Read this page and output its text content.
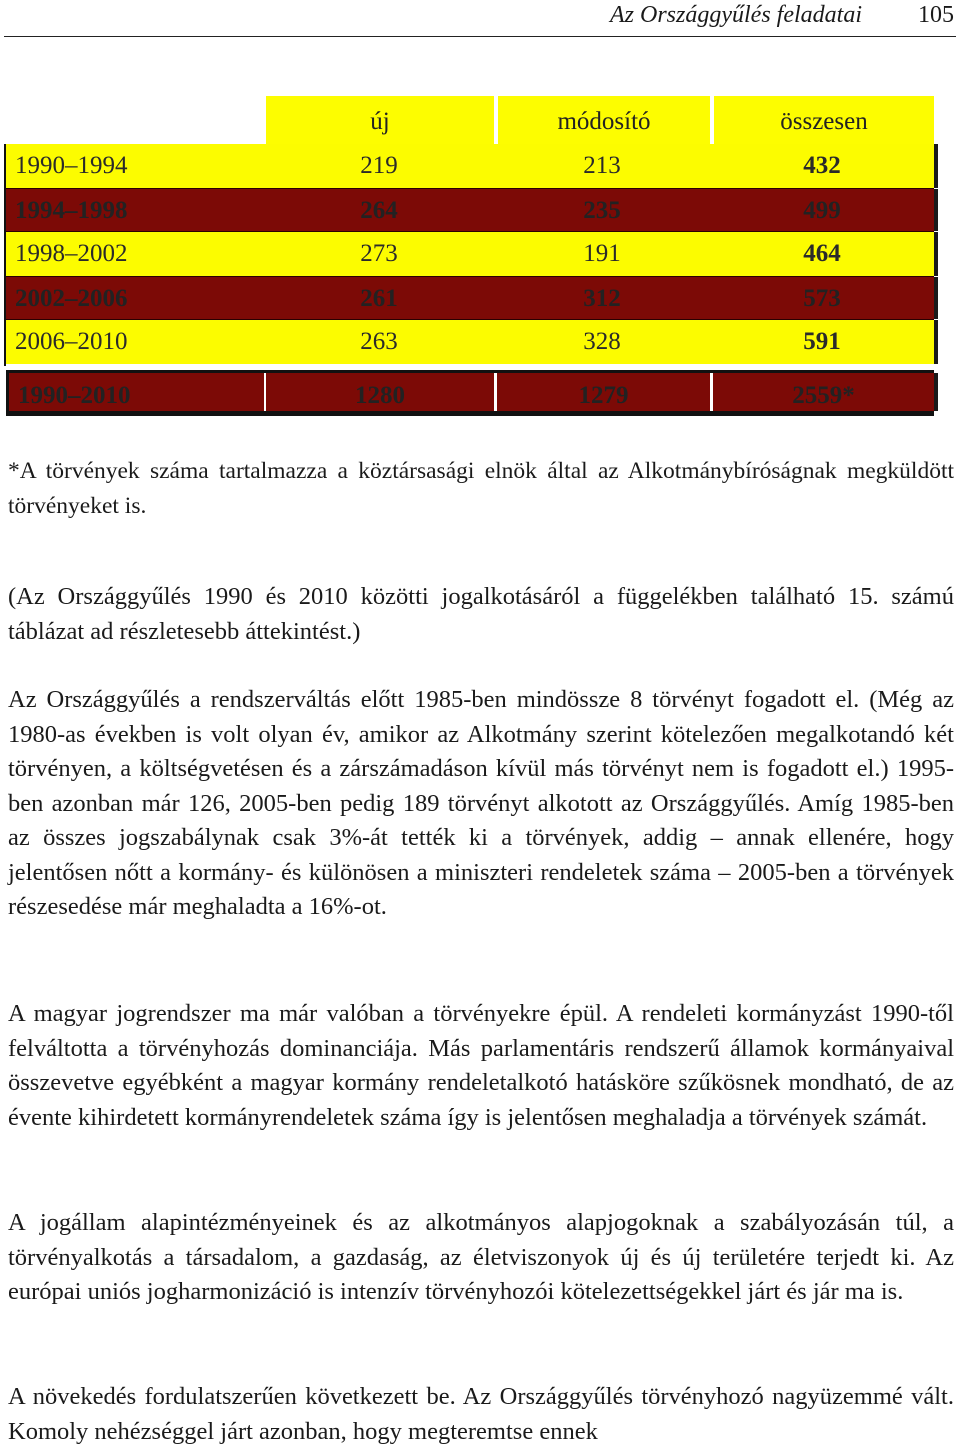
Az Országgyűlés feladatai 105
új	módosító	összesen
1990–1994	219	213	432
1994–1998	264	235	499
1998–2002	273	191	464
2002–2006	261	312	573
2006–2010	263	328	591
1990–2010	1280	1279	2559*

*A törvények száma tartalmazza a köztársasági elnök által az Alkotmánybíróságnak megküldött törvényeket is.

(Az Országgyűlés 1990 és 2010 közötti jogalkotásáról a függelékben található 15. számú táblázat ad részletesebb áttekintést.)

Az Országgyűlés a rendszerváltás előtt 1985-ben mindössze 8 törvényt fogadott el. (Még az 1980-as években is volt olyan év, amikor az Alkotmány szerint kötelezően megalkotandó két törvényen, a költségvetésen és a zárszámadáson kívül más törvényt nem is fogadott el.) 1995-ben azonban már 126, 2005-ben pedig 189 törvényt alkotott az Országgyűlés. Amíg 1985-ben az összes jogszabálynak csak 3%-át tették ki a törvények, addig – annak ellenére, hogy jelentősen nőtt a kormány- és különösen a miniszteri rendeletek száma – 2005-ben a törvények részesedése már meghaladta a 16%-ot.

A magyar jogrendszer ma már valóban a törvényekre épül. A rendeleti kormányzást 1990-től felváltotta a törvényhozás dominanciája. Más parlamentáris rendszerű államok kormányaival összevetve egyébként a magyar kormány rendeletalkotó hatásköre szűkösnek mondható, de az évente kihirdetett kormányrendeletek száma így is jelentősen meghaladja a törvények számát.

A jogállam alapintézményeinek és az alkotmányos alapjogoknak a szabályozásán túl, a törvényalkotás a társadalom, a gazdaság, az életviszonyok új és új területére terjedt ki. Az európai uniós jogharmonizáció is intenzív törvényhozói kötelezettségekkel járt és jár ma is.

A növekedés fordulatszerűen következett be. Az Országgyűlés törvényhozó nagyüzemmé vált. Komoly nehézséggel járt azonban, hogy megteremtse ennek
